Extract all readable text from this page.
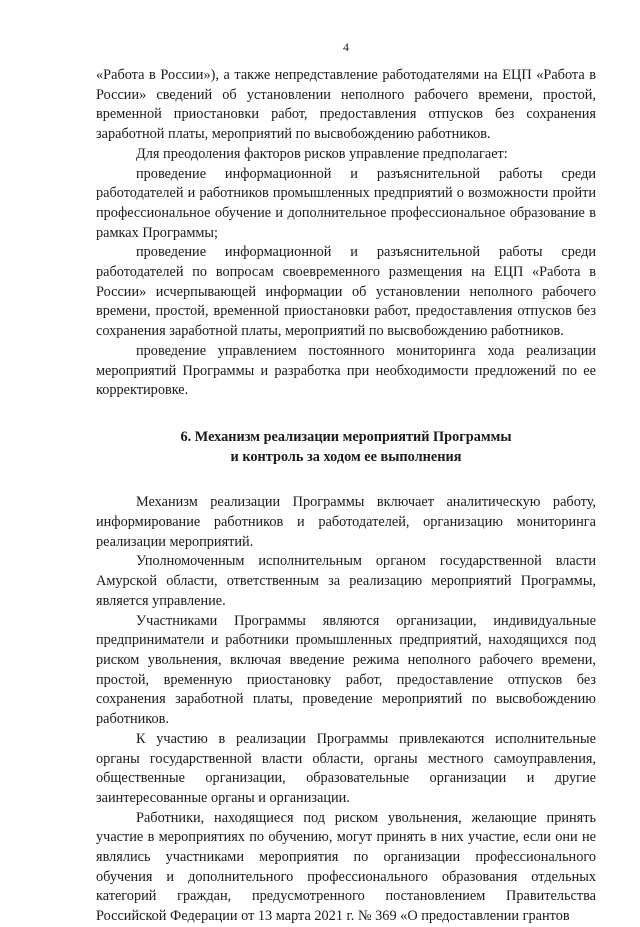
4

«Работа в России»), а также непредставление работодателями на ЕЦП «Работа в России» сведений об установлении неполного рабочего времени, простой, временной приостановки работ, предоставления отпусков без сохранения заработной платы, мероприятий по высвобождению работников.

Для преодоления факторов рисков управление предполагает:

проведение информационной и разъяснительной работы среди работодателей и работников промышленных предприятий о возможности пройти профессиональное обучение и дополнительное профессиональное образование в рамках Программы;

проведение информационной и разъяснительной работы среди работодателей по вопросам своевременного размещения на ЕЦП «Работа в России» исчерпывающей информации об установлении неполного рабочего времени, простой, временной приостановки работ, предоставления отпусков без сохранения заработной платы, мероприятий по высвобождению работников.

проведение управлением постоянного мониторинга хода реализации мероприятий Программы и разработка при необходимости предложений по ее корректировке.

6. Механизм реализации мероприятий Программы
и контроль за ходом ее выполнения

Механизм реализации Программы включает аналитическую работу, информирование работников и работодателей, организацию мониторинга реализации мероприятий.

Уполномоченным исполнительным органом государственной власти Амурской области, ответственным за реализацию мероприятий Программы, является управление.

Участниками Программы являются организации, индивидуальные предприниматели и работники промышленных предприятий, находящихся под риском увольнения, включая введение режима неполного рабочего времени, простой, временную приостановку работ, предоставление отпусков без сохранения заработной платы, проведение мероприятий по высвобождению работников.

К участию в реализации Программы привлекаются исполнительные органы государственной власти области, органы местного самоуправления, общественные организации, образовательные организации и другие заинтересованные органы и организации.

Работники, находящиеся под риском увольнения, желающие принять участие в мероприятиях по обучению, могут принять в них участие, если они не являлись участниками мероприятия по организации профессионального обучения и дополнительного профессионального образования отдельных категорий граждан, предусмотренного постановлением Правительства Российской Федерации от 13 марта 2021 г. № 369 «О предоставлении грантов
